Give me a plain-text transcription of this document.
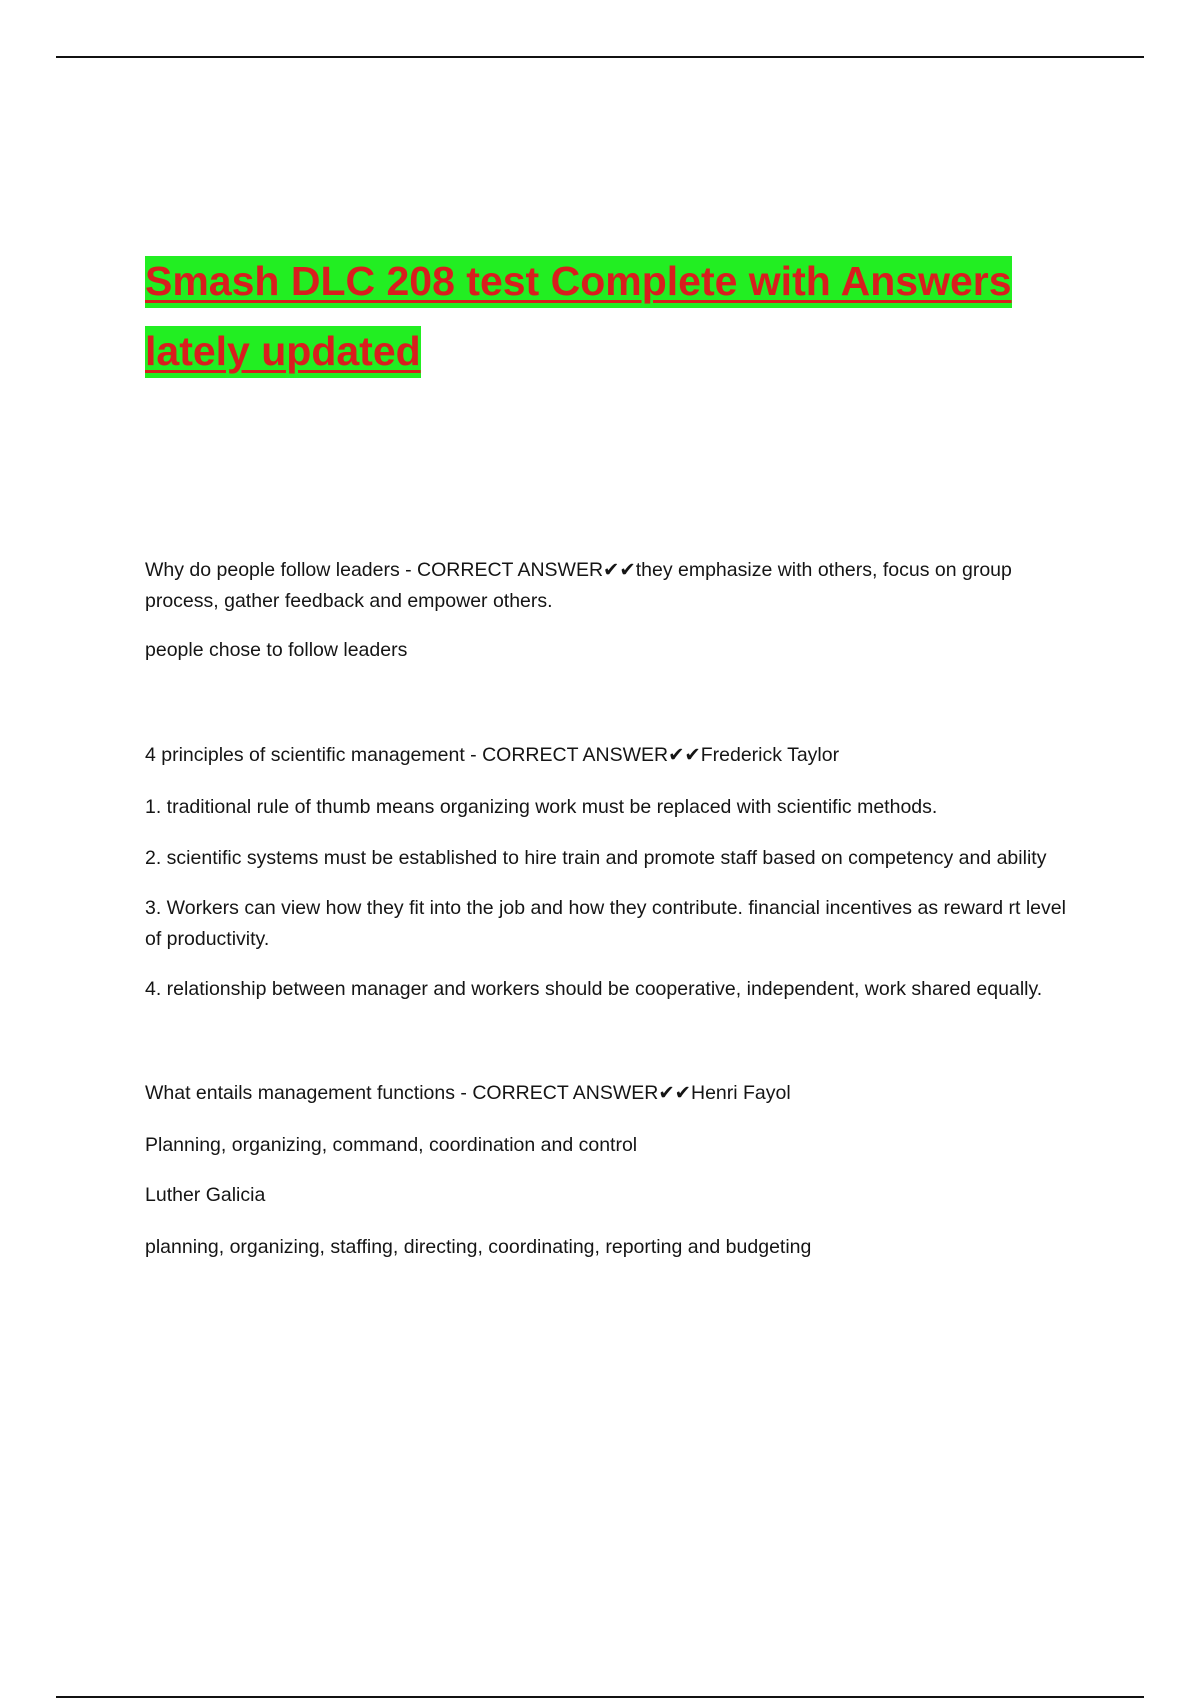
Smash DLC 208 test Complete with Answers
lately updated

Why do people follow leaders - CORRECT ANSWER✔✔they emphasize with others, focus on group process, gather feedback and empower others.

people chose to follow leaders

4 principles of scientific management - CORRECT ANSWER✔✔Frederick Taylor

1. traditional rule of thumb means organizing work must be replaced with scientific methods.

2. scientific systems must be established to hire train and promote staff based on competency and ability

3. Workers can view how they fit into the job and how they contribute. financial incentives as reward rt level of productivity.

4. relationship between manager and workers should be cooperative, independent, work shared equally.

What entails management functions - CORRECT ANSWER✔✔Henri Fayol

Planning, organizing, command, coordination and control

Luther Galicia

planning, organizing, staffing, directing, coordinating, reporting and budgeting
